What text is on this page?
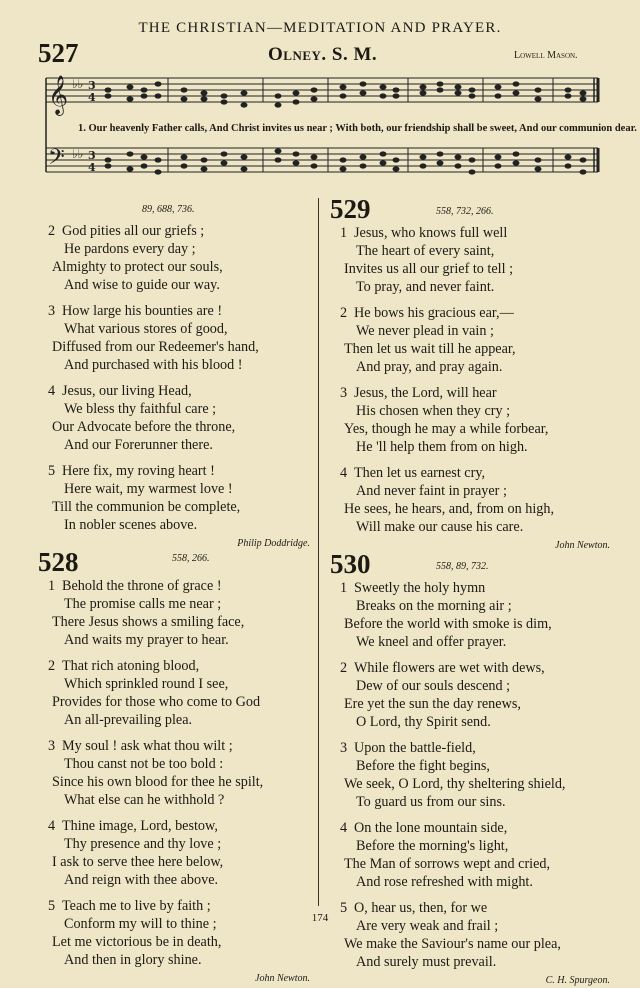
THE CHRISTIAN—MEDITATION AND PRAYER.
527	Olney. S. M.	Lowell Mason.
𝄞
𝄢
♭♭
♭♭
3
4
3
4
1. Our heavenly Father calls, And Christ invites us near ; With both, our friendship shall be sweet, And our communion dear.
89, 688, 736.
2 God pities all our griefs ;
He pardons every day ;
Almighty to protect our souls,
And wise to guide our way.
3 How large his bounties are !
What various stores of good,
Diffused from our Redeemer's hand,
And purchased with his blood !
4 Jesus, our living Head,
We bless thy faithful care ;
Our Advocate before the throne,
And our Forerunner there.
5 Here fix, my roving heart !
Here wait, my warmest love !
Till the communion be complete,
In nobler scenes above.
Philip Doddridge.
528	558, 266.
1 Behold the throne of grace !
The promise calls me near ;
There Jesus shows a smiling face,
And waits my prayer to hear.
2 That rich atoning blood,
Which sprinkled round I see,
Provides for those who come to God
An all-prevailing plea.
3 My soul ! ask what thou wilt ;
Thou canst not be too bold :
Since his own blood for thee he spilt,
What else can he withhold ?
4 Thine image, Lord, bestow,
Thy presence and thy love ;
I ask to serve thee here below,
And reign with thee above.
5 Teach me to live by faith ;
Conform my will to thine ;
Let me victorious be in death,
And then in glory shine.
John Newton.
529	558, 732, 266.
1 Jesus, who knows full well
The heart of every saint,
Invites us all our grief to tell ;
To pray, and never faint.
2 He bows his gracious ear,—
We never plead in vain ;
Then let us wait till he appear,
And pray, and pray again.
3 Jesus, the Lord, will hear
His chosen when they cry ;
Yes, though he may a while forbear,
He 'll help them from on high.
4 Then let us earnest cry,
And never faint in prayer ;
He sees, he hears, and, from on high,
Will make our cause his care.
John Newton.
530	558, 89, 732.
1 Sweetly the holy hymn
Breaks on the morning air ;
Before the world with smoke is dim,
We kneel and offer prayer.
2 While flowers are wet with dews,
Dew of our souls descend ;
Ere yet the sun the day renews,
O Lord, thy Spirit send.
3 Upon the battle-field,
Before the fight begins,
We seek, O Lord, thy sheltering shield,
To guard us from our sins.
4 On the lone mountain side,
Before the morning's light,
The Man of sorrows wept and cried,
And rose refreshed with might.
5 O, hear us, then, for we
Are very weak and frail ;
We make the Saviour's name our plea,
And surely must prevail.
C. H. Spurgeon.
174
